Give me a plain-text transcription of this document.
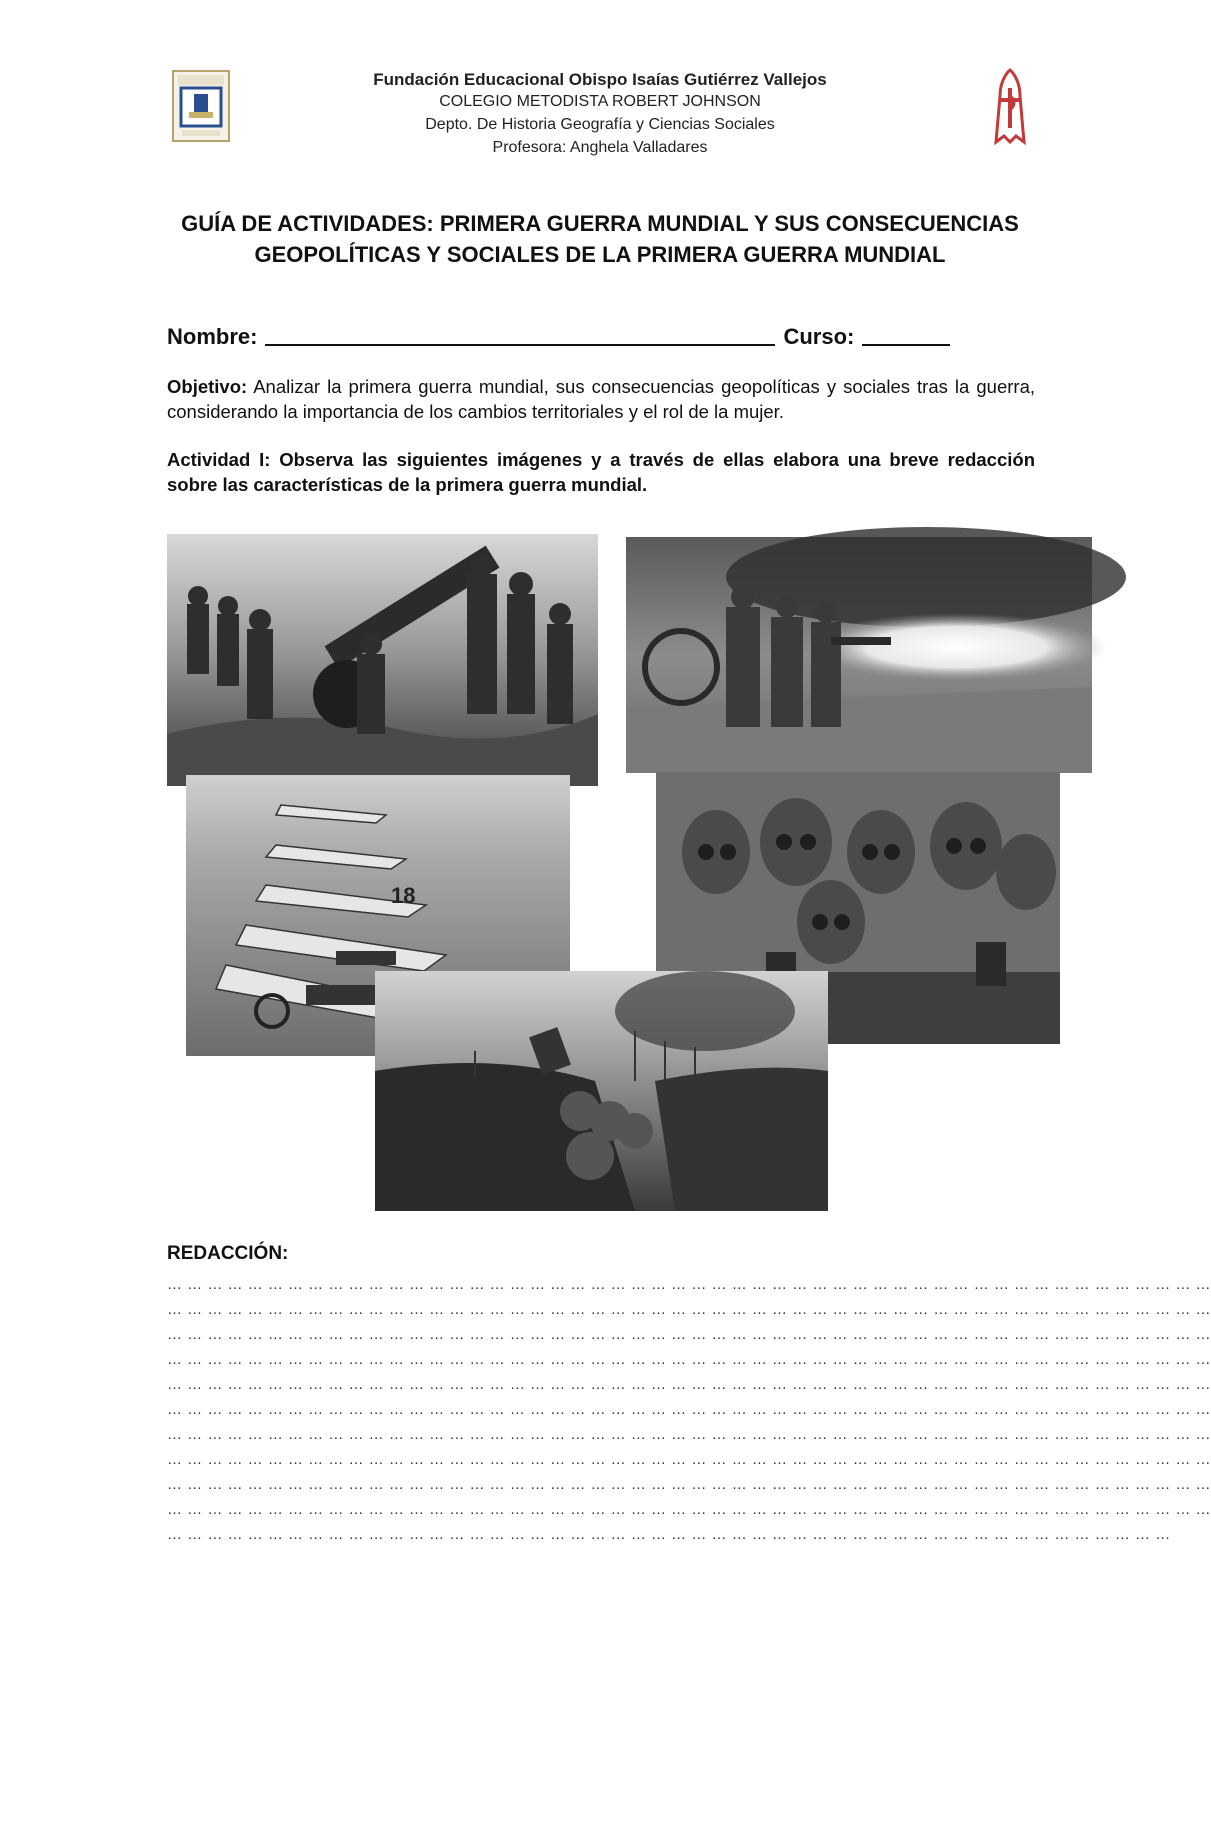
Fundación Educacional Obispo Isaías Gutiérrez Vallejos
COLEGIO METODISTA ROBERT JOHNSON
Depto. De Historia Geografía y Ciencias Sociales
Profesora: Anghela Valladares
GUÍA DE ACTIVIDADES: PRIMERA GUERRA MUNDIAL Y SUS CONSECUENCIAS GEOPOLÍTICAS Y SOCIALES DE LA PRIMERA GUERRA MUNDIAL
Nombre:	Curso:
Objetivo: Analizar la primera guerra mundial, sus consecuencias geopolíticas y sociales tras la guerra, considerando la importancia de los cambios territoriales y el rol de la mujer.
Actividad I: Observa las siguientes imágenes y a través de ellas elabora una breve redacción sobre las características de la primera guerra mundial.
18
REDACCIÓN:
… … … … … … … … … … … … … … … … … … … … … … … … … … … … … … … … … … … … … … … … … … … … … … … … … … … …
… … … … … … … … … … … … … … … … … … … … … … … … … … … … … … … … … … … … … … … … … … … … … … … … … … … …
… … … … … … … … … … … … … … … … … … … … … … … … … … … … … … … … … … … … … … … … … … … … … … … … … … … …
… … … … … … … … … … … … … … … … … … … … … … … … … … … … … … … … … … … … … … … … … … … … … … … … … … … …
… … … … … … … … … … … … … … … … … … … … … … … … … … … … … … … … … … … … … … … … … … … … … … … … … … … …
… … … … … … … … … … … … … … … … … … … … … … … … … … … … … … … … … … … … … … … … … … … … … … … … … … … …
… … … … … … … … … … … … … … … … … … … … … … … … … … … … … … … … … … … … … … … … … … … … … … … … … … … …
… … … … … … … … … … … … … … … … … … … … … … … … … … … … … … … … … … … … … … … … … … … … … … … … … … … …
… … … … … … … … … … … … … … … … … … … … … … … … … … … … … … … … … … … … … … … … … … … … … … … … … … … …
… … … … … … … … … … … … … … … … … … … … … … … … … … … … … … … … … … … … … … … … … … … … … … … … … … … …
… … … … … … … … … … … … … … … … … … … … … … … … … … … … … … … … … … … … … … … … … … … … … … … … … …
